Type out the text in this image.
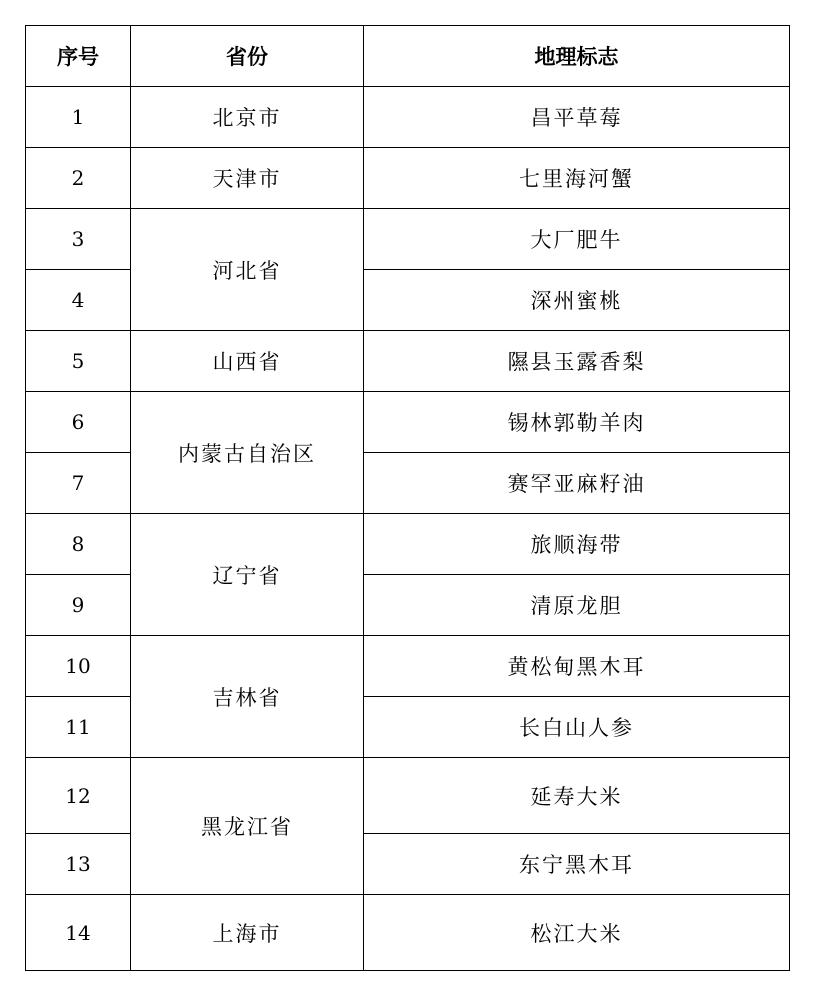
序号	省份	地理标志
1	北京市	昌平草莓
2	天津市	七里海河蟹
3	河北省	大厂肥牛
4		深州蜜桃
5	山西省	隰县玉露香梨
6	内蒙古自治区	锡林郭勒羊肉
7		赛罕亚麻籽油
8	辽宁省	旅顺海带
9		清原龙胆
10	吉林省	黄松甸黑木耳
11		长白山人参
12	黑龙江省	延寿大米
13		东宁黑木耳
14	上海市	松江大米
